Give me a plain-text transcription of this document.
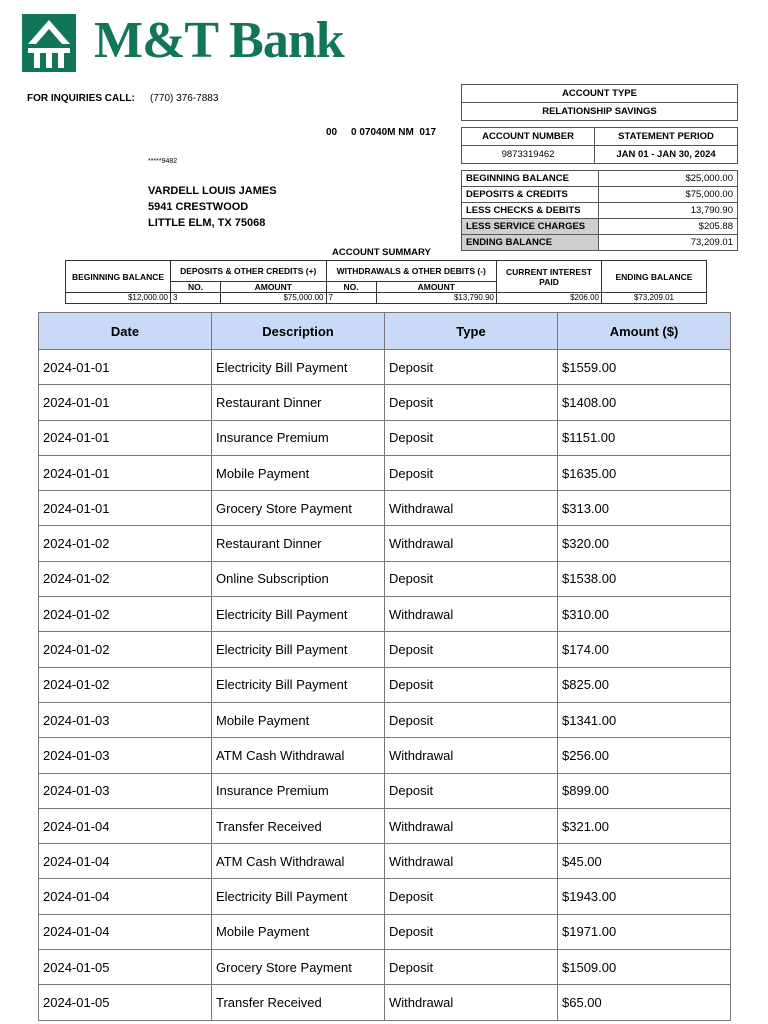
M&T Bank
FOR INQUIRIES CALL: (770) 376-7883
00     0 07040M NM  017
*****9482
VARDELL LOUIS JAMES
5941 CRESTWOOD
LITTLE ELM, TX 75068
ACCOUNT TYPE
RELATIONSHIP SAVINGS
ACCOUNT NUMBER	STATEMENT PERIOD
9873319462	JAN 01 - JAN 30, 2024
BEGINNING BALANCE	$25,000.00
DEPOSITS & CREDITS	$75,000.00
LESS CHECKS & DEBITS	13,790.90
LESS SERVICE CHARGES	$205.88
ENDING BALANCE	73,209.01
ACCOUNT SUMMARY
BEGINNING BALANCE	DEPOSITS & OTHER CREDITS (+)		WITHDRAWALS & OTHER DEBITS (-)		CURRENT INTEREST PAID	ENDING BALANCE
	NO.	AMOUNT	NO.	AMOUNT		
$12,000.00	3	$75,000.00	7	$13,790.90	$206.00	$73,209.01
Date	Description	Type	Amount ($)
2024-01-01	Electricity Bill Payment	Deposit	$1559.00
2024-01-01	Restaurant Dinner	Deposit	$1408.00
2024-01-01	Insurance Premium	Deposit	$1151.00
2024-01-01	Mobile Payment	Deposit	$1635.00
2024-01-01	Grocery Store Payment	Withdrawal	$313.00
2024-01-02	Restaurant Dinner	Withdrawal	$320.00
2024-01-02	Online Subscription	Deposit	$1538.00
2024-01-02	Electricity Bill Payment	Withdrawal	$310.00
2024-01-02	Electricity Bill Payment	Deposit	$174.00
2024-01-02	Electricity Bill Payment	Deposit	$825.00
2024-01-03	Mobile Payment	Deposit	$1341.00
2024-01-03	ATM Cash Withdrawal	Withdrawal	$256.00
2024-01-03	Insurance Premium	Deposit	$899.00
2024-01-04	Transfer Received	Withdrawal	$321.00
2024-01-04	ATM Cash Withdrawal	Withdrawal	$45.00
2024-01-04	Electricity Bill Payment	Deposit	$1943.00
2024-01-04	Mobile Payment	Deposit	$1971.00
2024-01-05	Grocery Store Payment	Deposit	$1509.00
2024-01-05	Transfer Received	Withdrawal	$65.00
